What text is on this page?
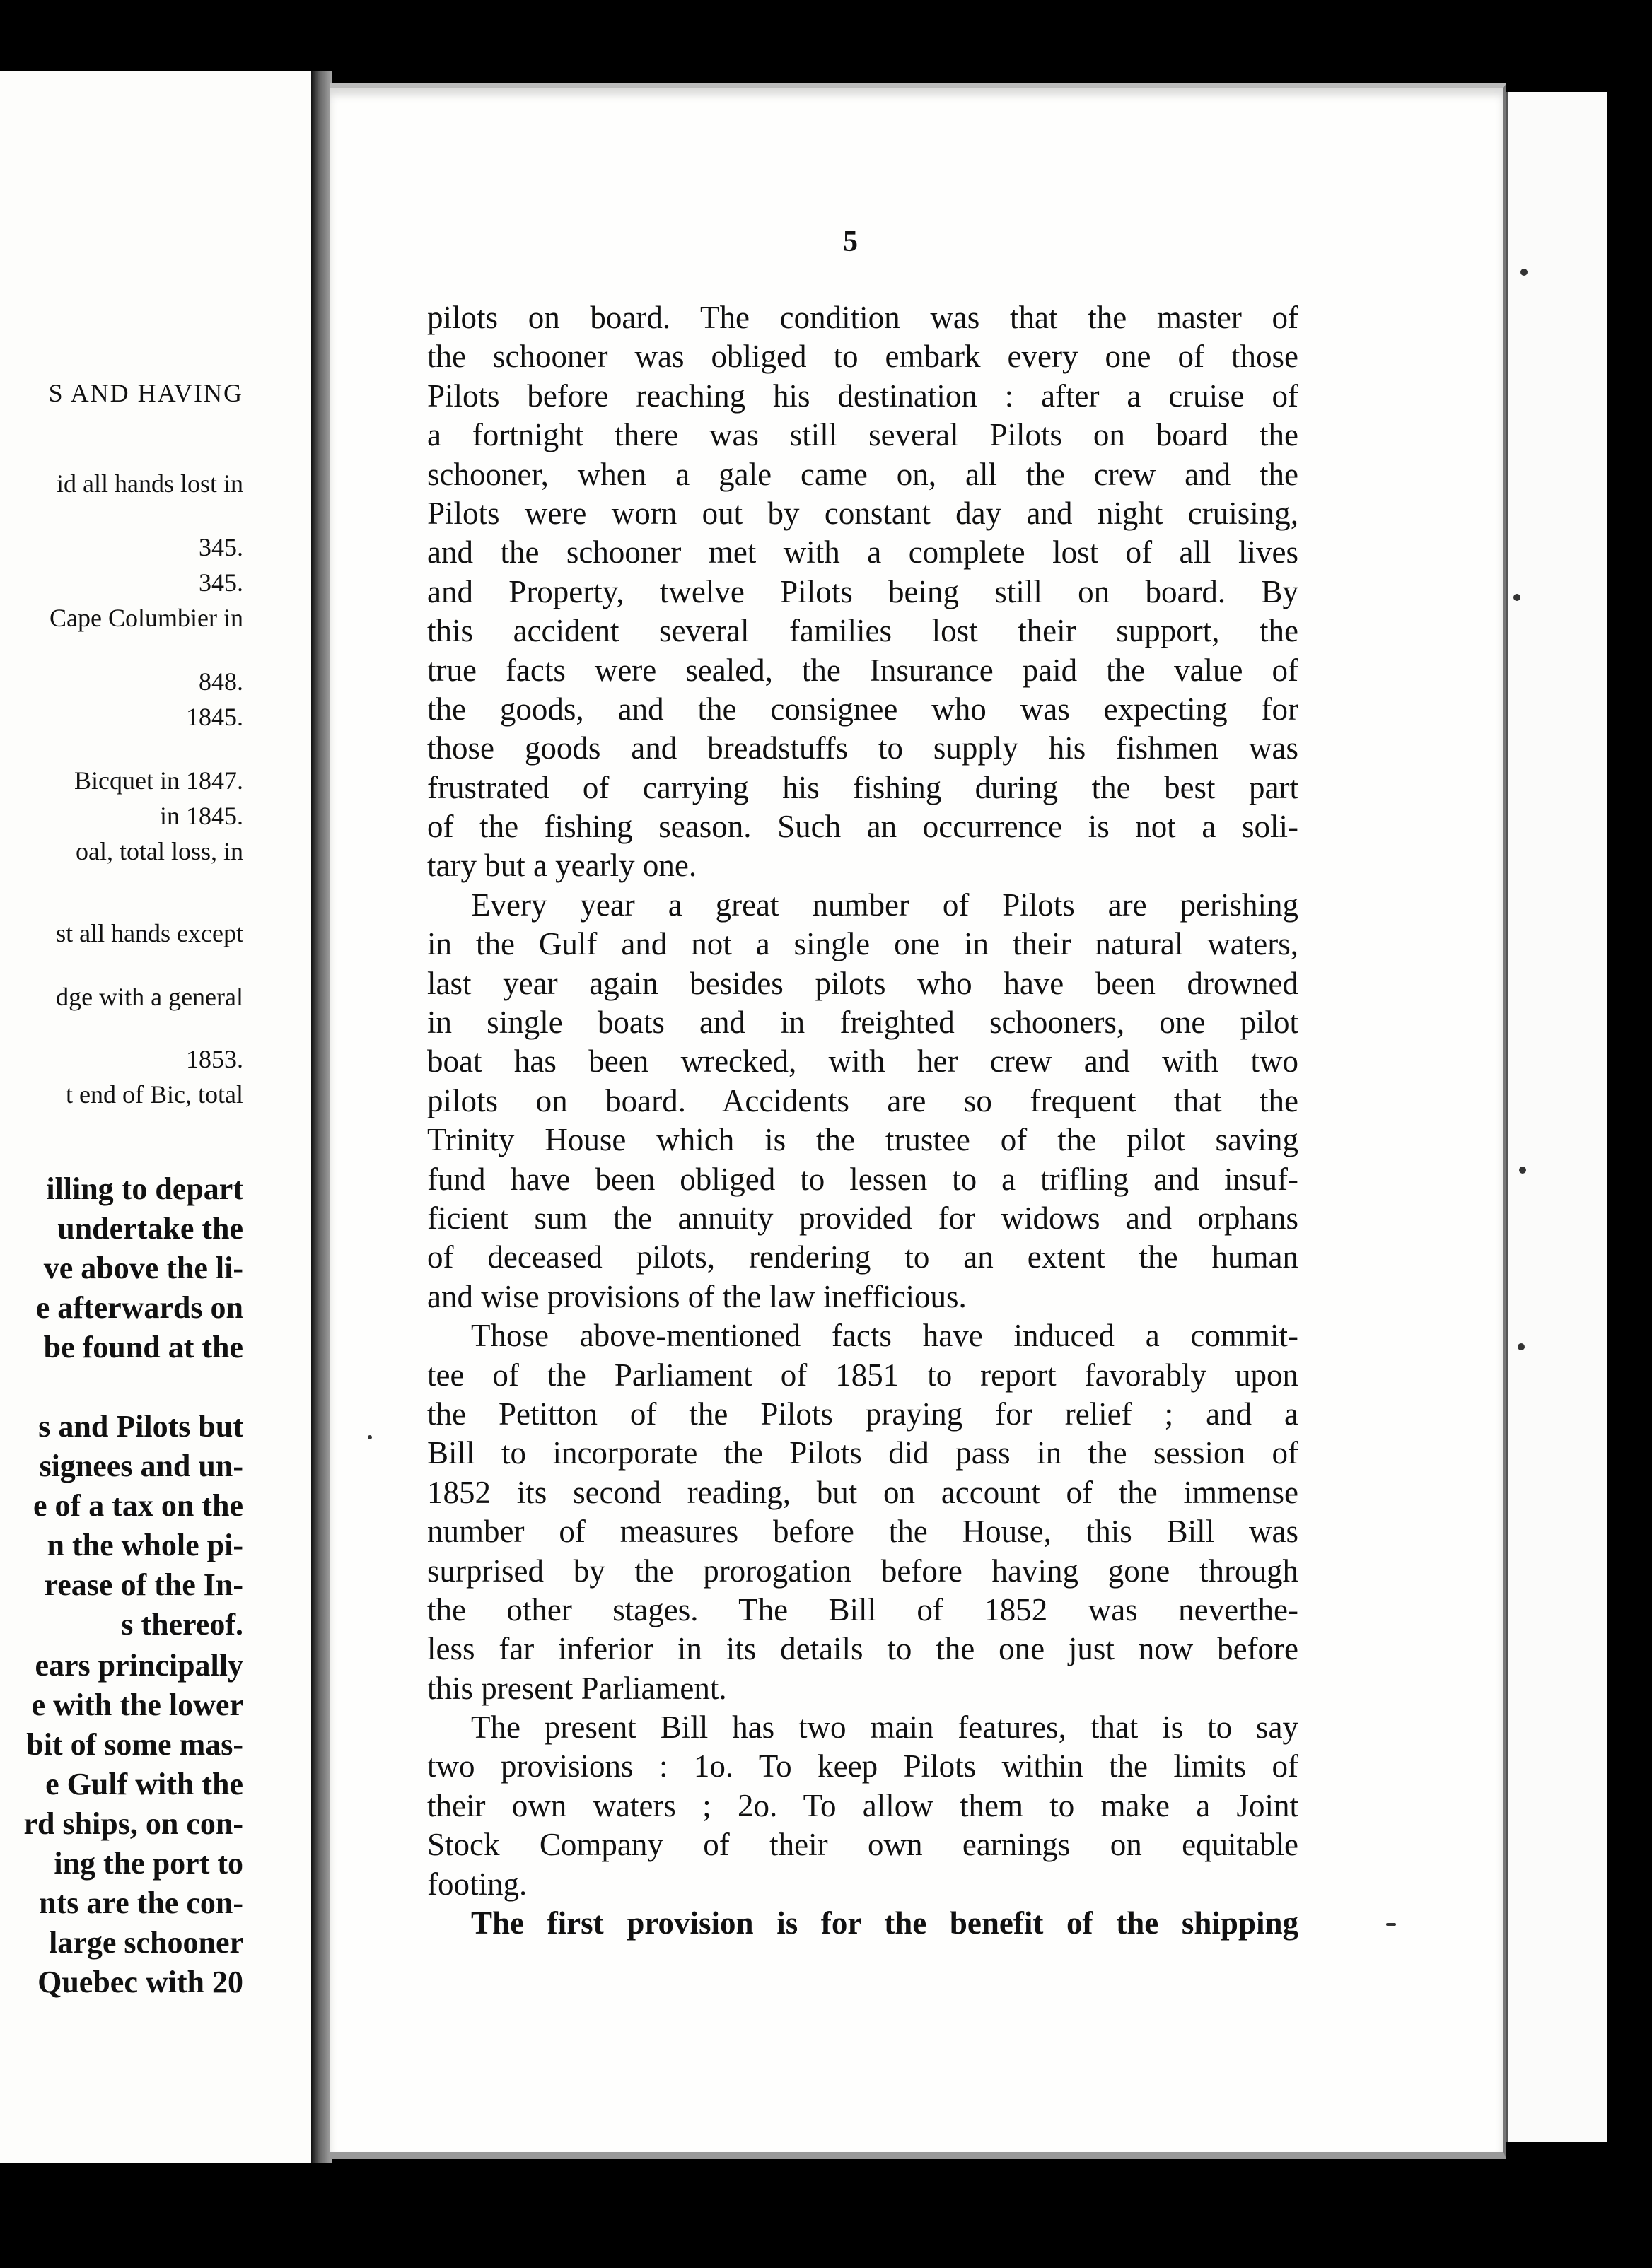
S AND HAVING
id all hands lost in
345.
345.
Cape Columbier in
848.
1845.
Bicquet in 1847.
in 1845.
oal, total loss, in
st all hands except
dge with a general
1853.
t end of Bic, total
illing to depart
undertake the
ve above the li-
e afterwards on
be found at the
s and Pilots but
signees and un-
e of a tax on the
n the whole pi-
rease of the In-
s thereof.
ears principally
e with the lower
bit of some mas-
e Gulf with the
rd ships, on con-
ing the port to
nts are the con-
large schooner
Quebec with 20
5
pilots on board. The condition was that the master of
the schooner was obliged to embark every one of those
Pilots before reaching his destination : after a cruise of
a fortnight there was still several Pilots on board the
schooner, when a gale came on, all the crew and the
Pilots were worn out by constant day and night cruising,
and the schooner met with a complete lost of all lives
and Property, twelve Pilots being still on board. By
this accident several families lost their support, the
true facts were sealed, the Insurance paid the value of
the goods, and the consignee who was expecting for
those goods and breadstuffs to supply his fishmen was
frustrated of carrying his fishing during the best part
of the fishing season. Such an occurrence is not a soli-
tary but a yearly one.
Every year a great number of Pilots are perishing
in the Gulf and not a single one in their natural waters,
last year again besides pilots who have been drowned
in single boats and in freighted schooners, one pilot
boat has been wrecked, with her crew and with two
pilots on board. Accidents are so frequent that the
Trinity House which is the trustee of the pilot saving
fund have been obliged to lessen to a trifling and insuf-
ficient sum the annuity provided for widows and orphans
of deceased pilots, rendering to an extent the human
and wise provisions of the law inefficious.
Those above-mentioned facts have induced a commit-
tee of the Parliament of 1851 to report favorably upon
the Petitton of the Pilots praying for relief ; and a
Bill to incorporate the Pilots did pass in the session of
1852 its second reading, but on account of the immense
number of measures before the House, this Bill was
surprised by the prorogation before having gone through
the other stages. The Bill of 1852 was neverthe-
less far inferior in its details to the one just now before
this present Parliament.
The present Bill has two main features, that is to say
two provisions : 1o. To keep Pilots within the limits of
their own waters ; 2o. To allow them to make a Joint
Stock Company of their own earnings on equitable
footing.
The first provision is for the benefit of the shipping
